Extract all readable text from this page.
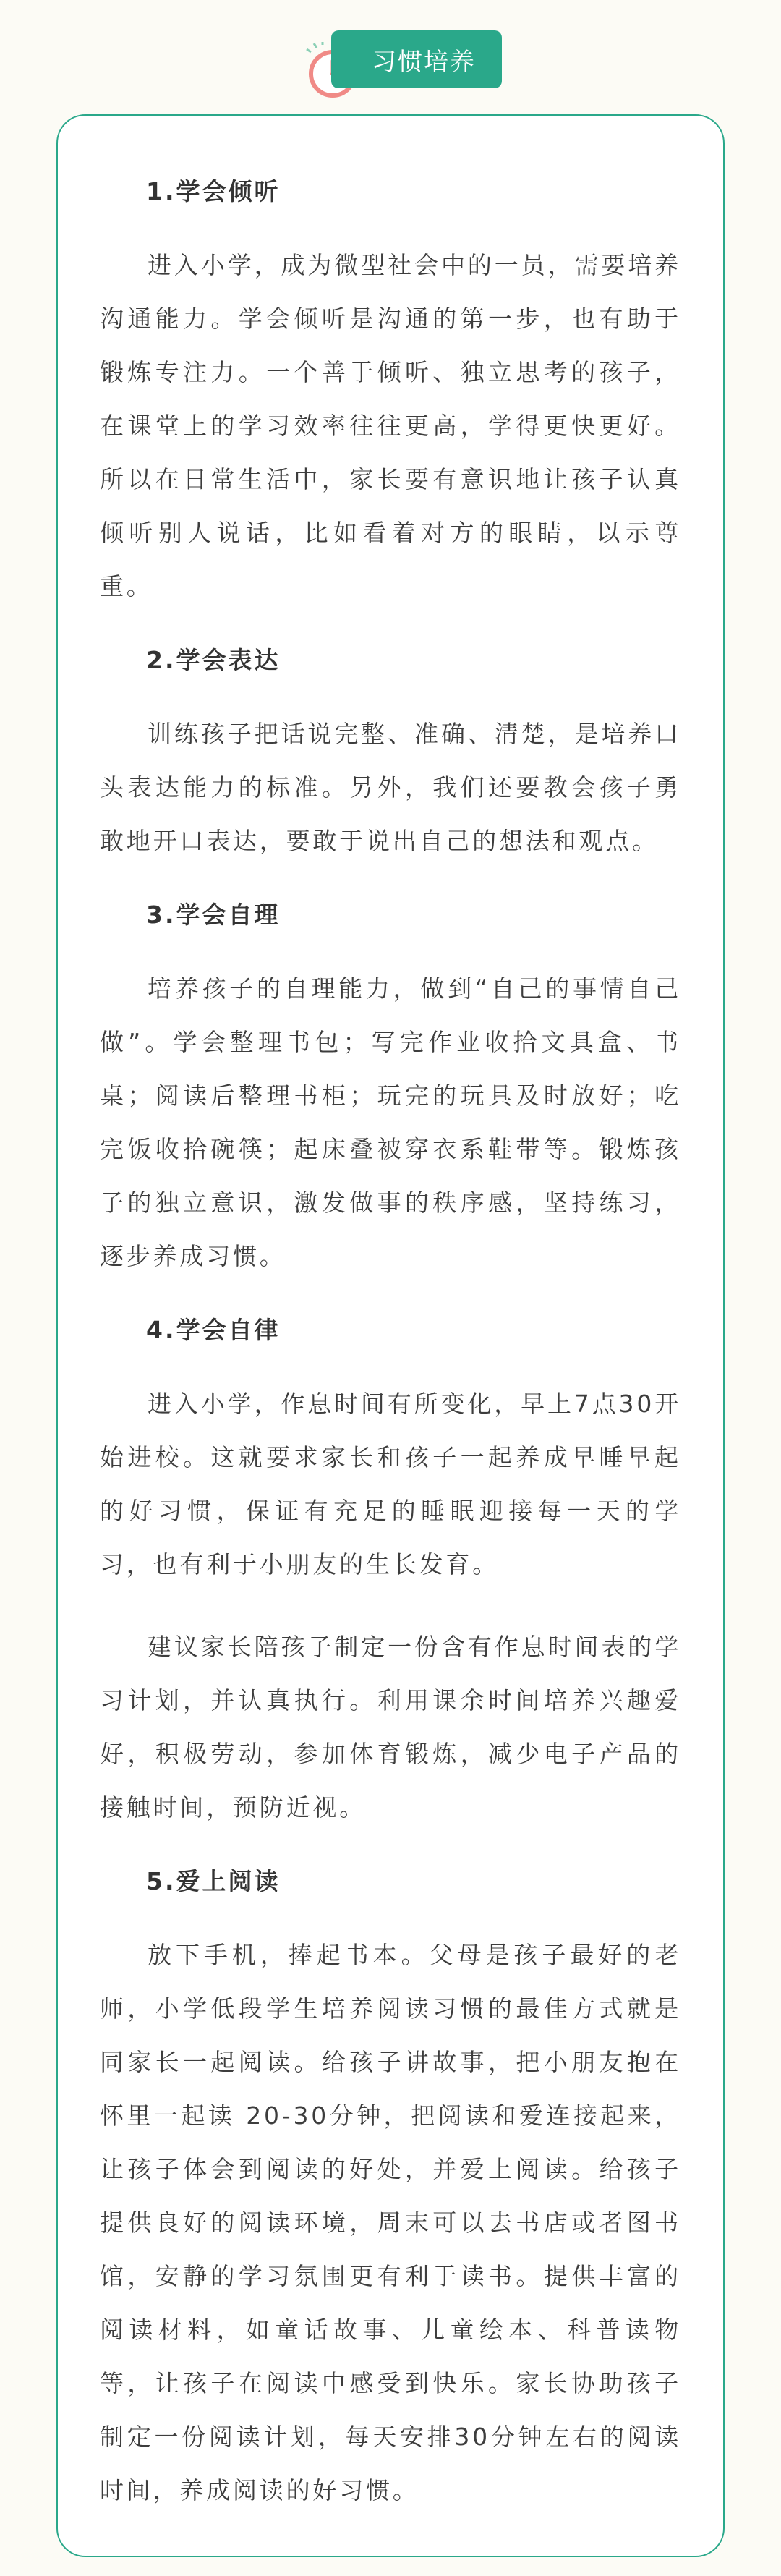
习惯培养
1.学会倾听

进入小学，成为微型社会中的一员，需要培养沟通能力。学会倾听是沟通的第一步，也有助于锻炼专注力。一个善于倾听、独立思考的孩子，在课堂上的学习效率往往更高，学得更快更好。所以在日常生活中，家长要有意识地让孩子认真倾听别人说话，比如看着对方的眼睛，以示尊重。

2.学会表达

训练孩子把话说完整、准确、清楚，是培养口头表达能力的标准。另外，我们还要教会孩子勇敢地开口表达，要敢于说出自己的想法和观点。

3.学会自理

培养孩子的自理能力，做到“自己的事情自己做”。学会整理书包；写完作业收拾文具盒、书桌；阅读后整理书柜；玩完的玩具及时放好；吃完饭收拾碗筷；起床叠被穿衣系鞋带等。锻炼孩子的独立意识，激发做事的秩序感，坚持练习，逐步养成习惯。

4.学会自律

进入小学，作息时间有所变化，早上7点30开始进校。这就要求家长和孩子一起养成早睡早起的好习惯，保证有充足的睡眠迎接每一天的学习，也有利于小朋友的生长发育。

建议家长陪孩子制定一份含有作息时间表的学习计划，并认真执行。利用课余时间培养兴趣爱好，积极劳动，参加体育锻炼，减少电子产品的接触时间，预防近视。

5.爱上阅读

放下手机，捧起书本。父母是孩子最好的老师，小学低段学生培养阅读习惯的最佳方式就是同家长一起阅读。给孩子讲故事，把小朋友抱在怀里一起读 20-30分钟，把阅读和爱连接起来，让孩子体会到阅读的好处，并爱上阅读。给孩子提供良好的阅读环境，周末可以去书店或者图书馆，安静的学习氛围更有利于读书。提供丰富的阅读材料，如童话故事、儿童绘本、科普读物等，让孩子在阅读中感受到快乐。家长协助孩子制定一份阅读计划，每天安排30分钟左右的阅读时间，养成阅读的好习惯。
